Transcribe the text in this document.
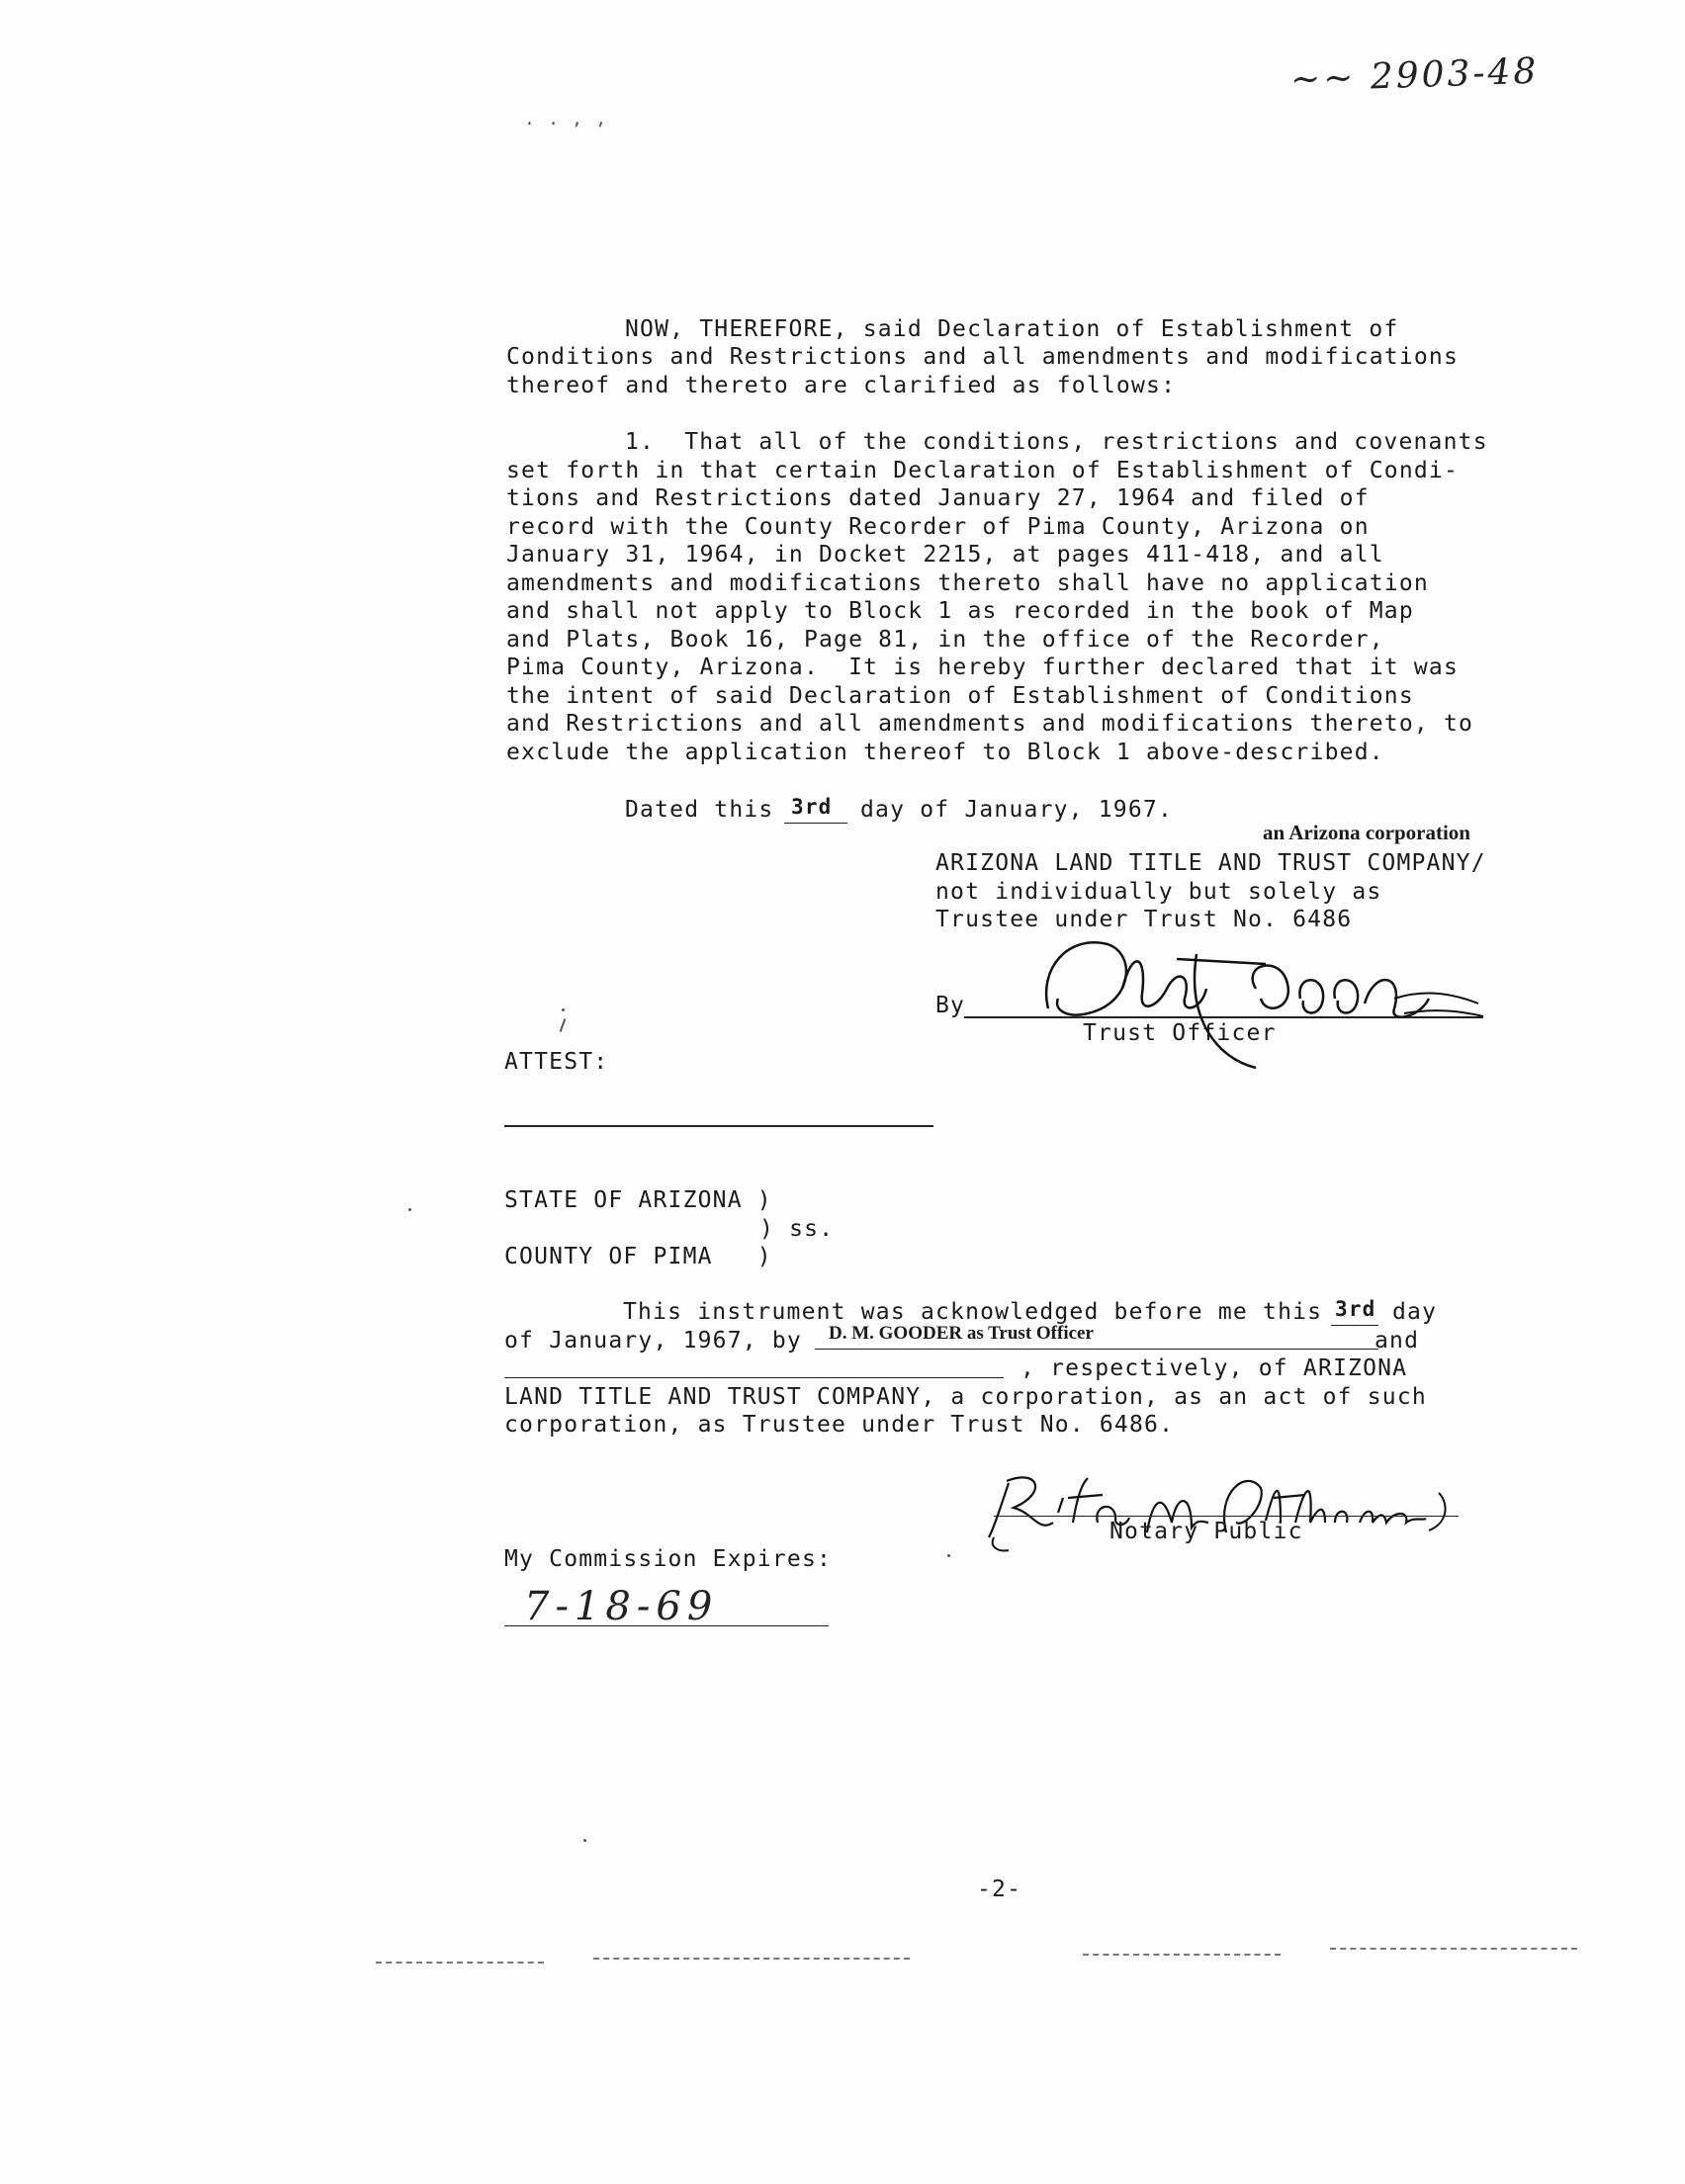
~~ 2903-48
. . , ,
NOW, THEREFORE, said Declaration of Establishment of
Conditions and Restrictions and all amendments and modifications
thereof and thereto are clarified as follows:
1.  That all of the conditions, restrictions and covenants
set forth in that certain Declaration of Establishment of Condi-
tions and Restrictions dated January 27, 1964 and filed of
record with the County Recorder of Pima County, Arizona on
January 31, 1964, in Docket 2215, at pages 411-418, and all
amendments and modifications thereto shall have no application
and shall not apply to Block 1 as recorded in the book of Map
and Plats, Book 16, Page 81, in the office of the Recorder,
Pima County, Arizona.  It is hereby further declared that it was
the intent of said Declaration of Establishment of Conditions
and Restrictions and all amendments and modifications thereto, to
exclude the application thereof to Block 1 above-described.
Dated this 3rd day of January, 1967.
an Arizona corporation
ARIZONA LAND TITLE AND TRUST COMPANY/
not individually but solely as
Trustee under Trust No. 6486
By
Trust Officer
ATTEST:
STATE OF ARIZONA )
) ss.
COUNTY OF PIMA   )
This instrument was acknowledged before me this 3rd day
of January, 1967, by D. M. GOODER as Trust Officer	and
, respectively, of ARIZONA
LAND TITLE AND TRUST COMPANY, a corporation, as an act of such
corporation, as Trustee under Trust No. 6486.
Notary Public
My Commission Expires:
7-18-69
-2-
